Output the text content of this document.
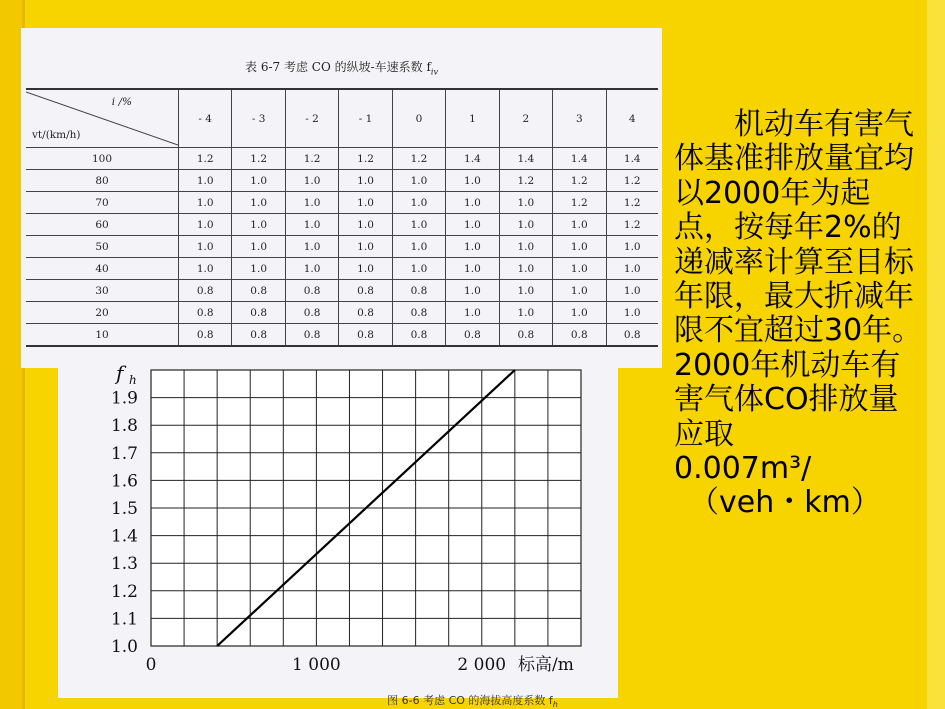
表 6-7 考虑 CO 的纵坡-车速系数 $f_{iv}$
i /%
vt/(km/h)	- 4	- 3	- 2	- 1	0	1	2	3	4
100	1.2	1.2	1.2	1.2	1.2	1.4	1.4	1.4	1.4
80	1.0	1.0	1.0	1.0	1.0	1.0	1.2	1.2	1.2
70	1.0	1.0	1.0	1.0	1.0	1.0	1.0	1.2	1.2
60	1.0	1.0	1.0	1.0	1.0	1.0	1.0	1.0	1.2
50	1.0	1.0	1.0	1.0	1.0	1.0	1.0	1.0	1.0
40	1.0	1.0	1.0	1.0	1.0	1.0	1.0	1.0	1.0
30	0.8	0.8	0.8	0.8	0.8	1.0	1.0	1.0	1.0
20	0.8	0.8	0.8	0.8	0.8	1.0	1.0	1.0	1.0
10	0.8	0.8	0.8	0.8	0.8	0.8	0.8	0.8	0.8
1.0
1.1
1.2
1.3
1.4
1.5
1.6
1.7
1.8
1.9
0	1 000	2 000
f h
标高/m
图 6-6 考虑 CO 的海拔高度系数 $f_h$
机动车有害气体基准排放量宜均以2000年为起点，按每年2%的递减率计算至目标年限，最大折减年限不宜超过30年。2000年机动车有害气体CO排放量应取
0.007m³/
（veh・km）
